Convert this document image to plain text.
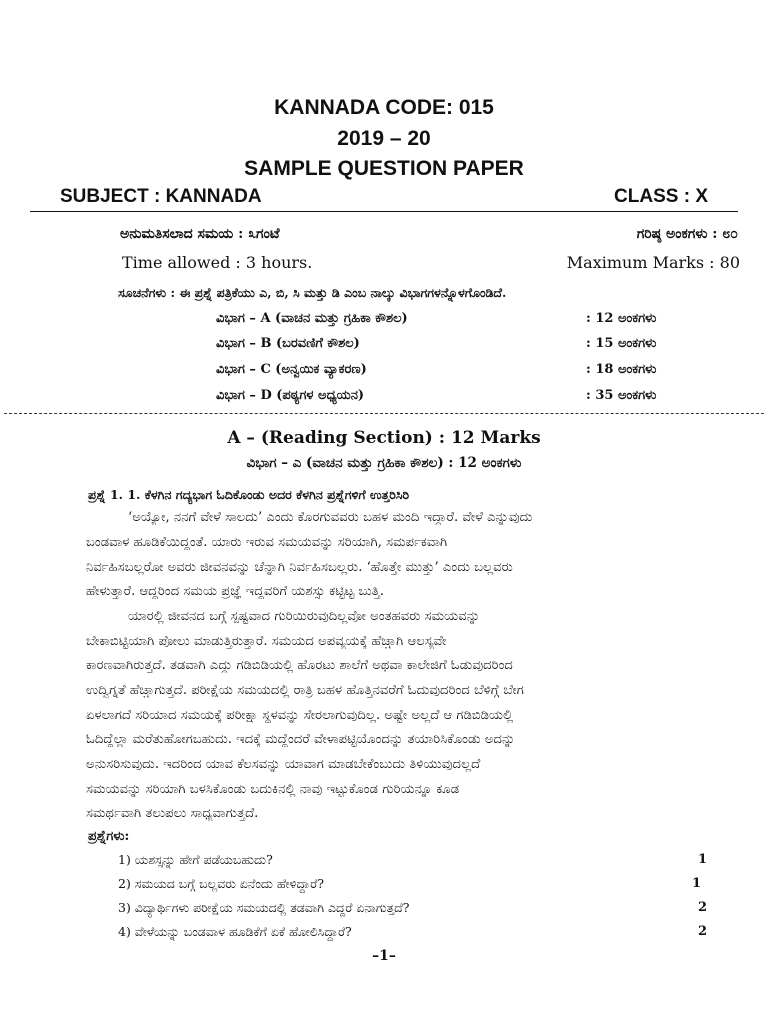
KANNADA CODE: 015
2019 – 20
SAMPLE QUESTION PAPER
SUBJECT : KANNADA	CLASS : X
ಅನುಮತಿಸಲಾದ ಸಮಯ : ೩ಗಂಟೆ	ಗರಿಷ್ಠ ಅಂಕಗಳು : ೮೦
Time allowed : 3 hours.	Maximum Marks : 80
ಸೂಚನೆಗಳು : ಈ ಪ್ರಶ್ನೆ ಪತ್ರಿಕೆಯು ಎ, ಬಿ, ಸಿ ಮತ್ತು ಡಿ ಎಂಬ ನಾಲ್ಕು ವಿಭಾಗಗಳನ್ನೊಳಗೊಂಡಿದೆ.
ವಿಭಾಗ – A (ವಾಚನ ಮತ್ತು ಗ್ರಹಿಕಾ ಕೌಶಲ)	: 12 ಅಂಕಗಳು
ವಿಭಾಗ – B (ಬರವಣಿಗೆ ಕೌಶಲ)	: 15 ಅಂಕಗಳು
ವಿಭಾಗ – C (ಅನ್ವಯಿಕ ವ್ಯಾಕರಣ)	: 18 ಅಂಕಗಳು
ವಿಭಾಗ – D (ಪಠ್ಯಗಳ ಅಧ್ಯಯನ)	: 35 ಅಂಕಗಳು
A – (Reading Section) : 12 Marks
ವಿಭಾಗ – ಎ (ವಾಚನ ಮತ್ತು ಗ್ರಹಿಕಾ ಕೌಶಲ) : 12 ಅಂಕಗಳು
ಪ್ರಶ್ನೆ 1. 1. ಕೆಳಗಿನ ಗದ್ಯಭಾಗ ಓದಿಕೊಂಡು ಅದರ ಕೆಳಗಿನ ಪ್ರಶ್ನೆಗಳಿಗೆ ಉತ್ತರಿಸಿರಿ
‘ಅಯ್ಯೋ, ನನಗೆ ವೇಳೆ ಸಾಲದು’ ಎಂದು ಕೊರಗುವವರು ಬಹಳ ಮಂದಿ ಇದ್ದಾರೆ. ವೇಳೆ ಎನ್ನುವುದು
ಬಂಡವಾಳ ಹೂಡಿಕೆಯಿದ್ದಂತೆ. ಯಾರು ಇರುವ ಸಮಯವನ್ನು ಸರಿಯಾಗಿ, ಸಮರ್ಪಕವಾಗಿ
ನಿರ್ವಹಿಸಬಲ್ಲರೋ ಅವರು ಜೀವನವನ್ನು ಚೆನ್ನಾಗಿ ನಿರ್ವಹಿಸಬಲ್ಲರು. ‘ಹೊತ್ತೇ ಮುತ್ತು’ ಎಂದು ಬಲ್ಲವರು
ಹೇಳುತ್ತಾರೆ. ಆದ್ದರಿಂದ ಸಮಯ ಪ್ರಜ್ಞೆ ಇದ್ದವರಿಗೆ ಯಶಸ್ಸು ಕಟ್ಟಿಟ್ಟ ಬುತ್ತಿ.
ಯಾರಲ್ಲಿ ಜೀವನದ ಬಗ್ಗೆ ಸ್ಪಷ್ಟವಾದ ಗುರಿಯಿರುವುದಿಲ್ಲವೋ ಅಂತಹವರು ಸಮಯವನ್ನು
ಬೇಕಾಬಿಟ್ಟಿಯಾಗಿ ಪೋಲು ಮಾಡುತ್ತಿರುತ್ತಾರೆ. ಸಮಯದ ಅಪವ್ಯಯಕ್ಕೆ ಹೆಚ್ಚಾಗಿ ಆಲಸ್ಯವೇ
ಕಾರಣವಾಗಿರುತ್ತದೆ. ತಡವಾಗಿ ಎದ್ದು ಗಡಿಬಿಡಿಯಲ್ಲಿ ಹೊರಟು ಶಾಲೆಗೆ ಅಥವಾ ಕಾಲೇಜಿಗೆ ಓಡುವುದರಿಂದ
ಉದ್ವಿಗ್ನತೆ ಹೆಚ್ಚಾಗುತ್ತದೆ. ಪರೀಕ್ಷೆಯ ಸಮಯದಲ್ಲಿ ರಾತ್ರಿ ಬಹಳ ಹೊತ್ತಿನವರೆಗೆ ಓದುವುದರಿಂದ ಬೆಳಿಗ್ಗೆ ಬೇಗ
ಏಳಲಾಗದೆ ಸರಿಯಾದ ಸಮಯಕ್ಕೆ ಪರೀಕ್ಷಾ ಸ್ಥಳವನ್ನು ಸೇರಲಾಗುವುದಿಲ್ಲ. ಅಷ್ಟೇ ಅಲ್ಲದೆ ಆ ಗಡಿಬಿಡಿಯಲ್ಲಿ
ಓದಿದ್ದೆಲ್ಲಾ ಮರೆತುಹೋಗಬಹುದು. ಇದಕ್ಕೆ ಮದ್ದೆಂದರೆ ವೇಳಾಪಟ್ಟಿಯೊಂದನ್ನು ತಯಾರಿಸಿಕೊಂಡು ಅದನ್ನು
ಅನುಸರಿಸುವುದು. ಇದರಿಂದ ಯಾವ ಕೆಲಸವನ್ನು ಯಾವಾಗ ಮಾಡಬೇಕೆಂಬುದು ತಿಳಿಯುವುದಲ್ಲದೆ
ಸಮಯವನ್ನು ಸರಿಯಾಗಿ ಬಳಸಿಕೊಂಡು ಬದುಕಿನಲ್ಲಿ ನಾವು ಇಟ್ಟುಕೊಂಡ ಗುರಿಯನ್ನೂ ಕೂಡ
ಸಮರ್ಥವಾಗಿ ತಲುಪಲು ಸಾಧ್ಯವಾಗುತ್ತದೆ.
ಪ್ರಶ್ನೆಗಳು:
1) ಯಶಸ್ಸನ್ನು ಹೇಗೆ ಪಡೆಯಬಹುದು?	1
2) ಸಮಯದ ಬಗ್ಗೆ ಬಲ್ಲವರು ಏನೆಂದು ಹೇಳಿದ್ದಾರೆ?	1
3) ವಿದ್ಯಾರ್ಥಿಗಳು ಪರೀಕ್ಷೆಯ ಸಮಯದಲ್ಲಿ ತಡವಾಗಿ ಎದ್ದರೆ ಏನಾಗುತ್ತದೆ?	2
4) ವೇಳೆಯನ್ನು ಬಂಡವಾಳ ಹೂಡಿಕೆಗೆ ಏಕೆ ಹೋಲಿಸಿದ್ದಾರೆ?	2
–1–
